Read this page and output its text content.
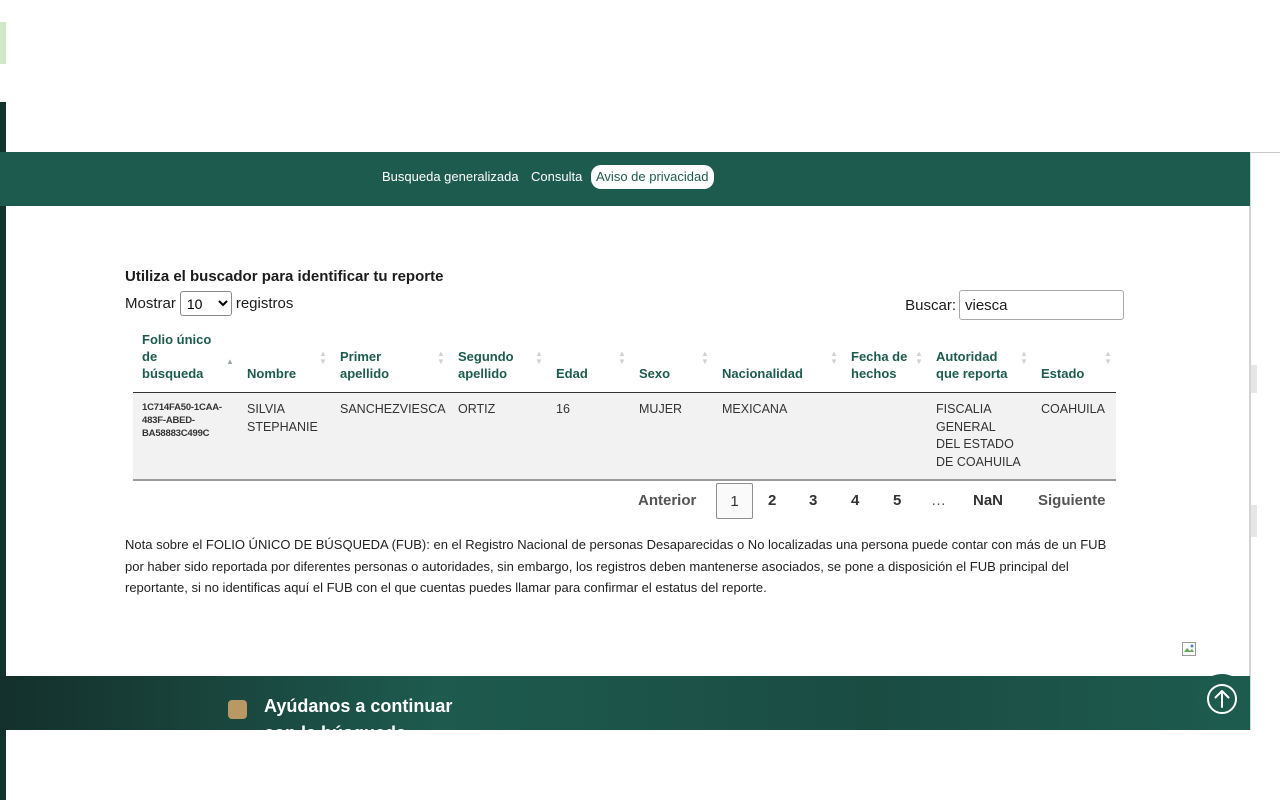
Busqueda generalizada Consulta	Aviso de privacidad
Utiliza el buscador para identificar tu reporte
Mostrar
10	registros	Buscar:
viesca
Folio único de búsqueda
▲	Nombre
▲
▼	Primer apellido
▲
▼	Segundo apellido
▲
▼	Edad
▲
▼	Sexo
▲
▼	Nacionalidad
▲
▼	Fecha de hechos
▲
▼	Autoridad que reporta
▲
▼	Estado
▲
▼

1C714FA50-1CAA-483F-ABED-BA58883C499C	SILVIA STEPHANIE	SANCHEZVIESCA	ORTIZ	16	MUJER	MEXICANA		FISCALIA GENERAL DEL ESTADO DE COAHUILA	COAHUILA
Anterior	1	2 3 4 5 … NaN Siguiente

Nota sobre el FOLIO ÚNICO DE BÚSQUEDA (FUB): en el Registro Nacional de personas Desaparecidas o No localizadas una persona puede contar con más de un FUB por haber sido reportada por diferentes personas o autoridades, sin embargo, los registros deben mantenerse asociados, se pone a disposición el FUB principal del reportante, si no identificas aquí el FUB con el que cuentas puedes llamar para confirmar el estatus del reporte.

Ayúdanos a continuar
con la búsqueda
